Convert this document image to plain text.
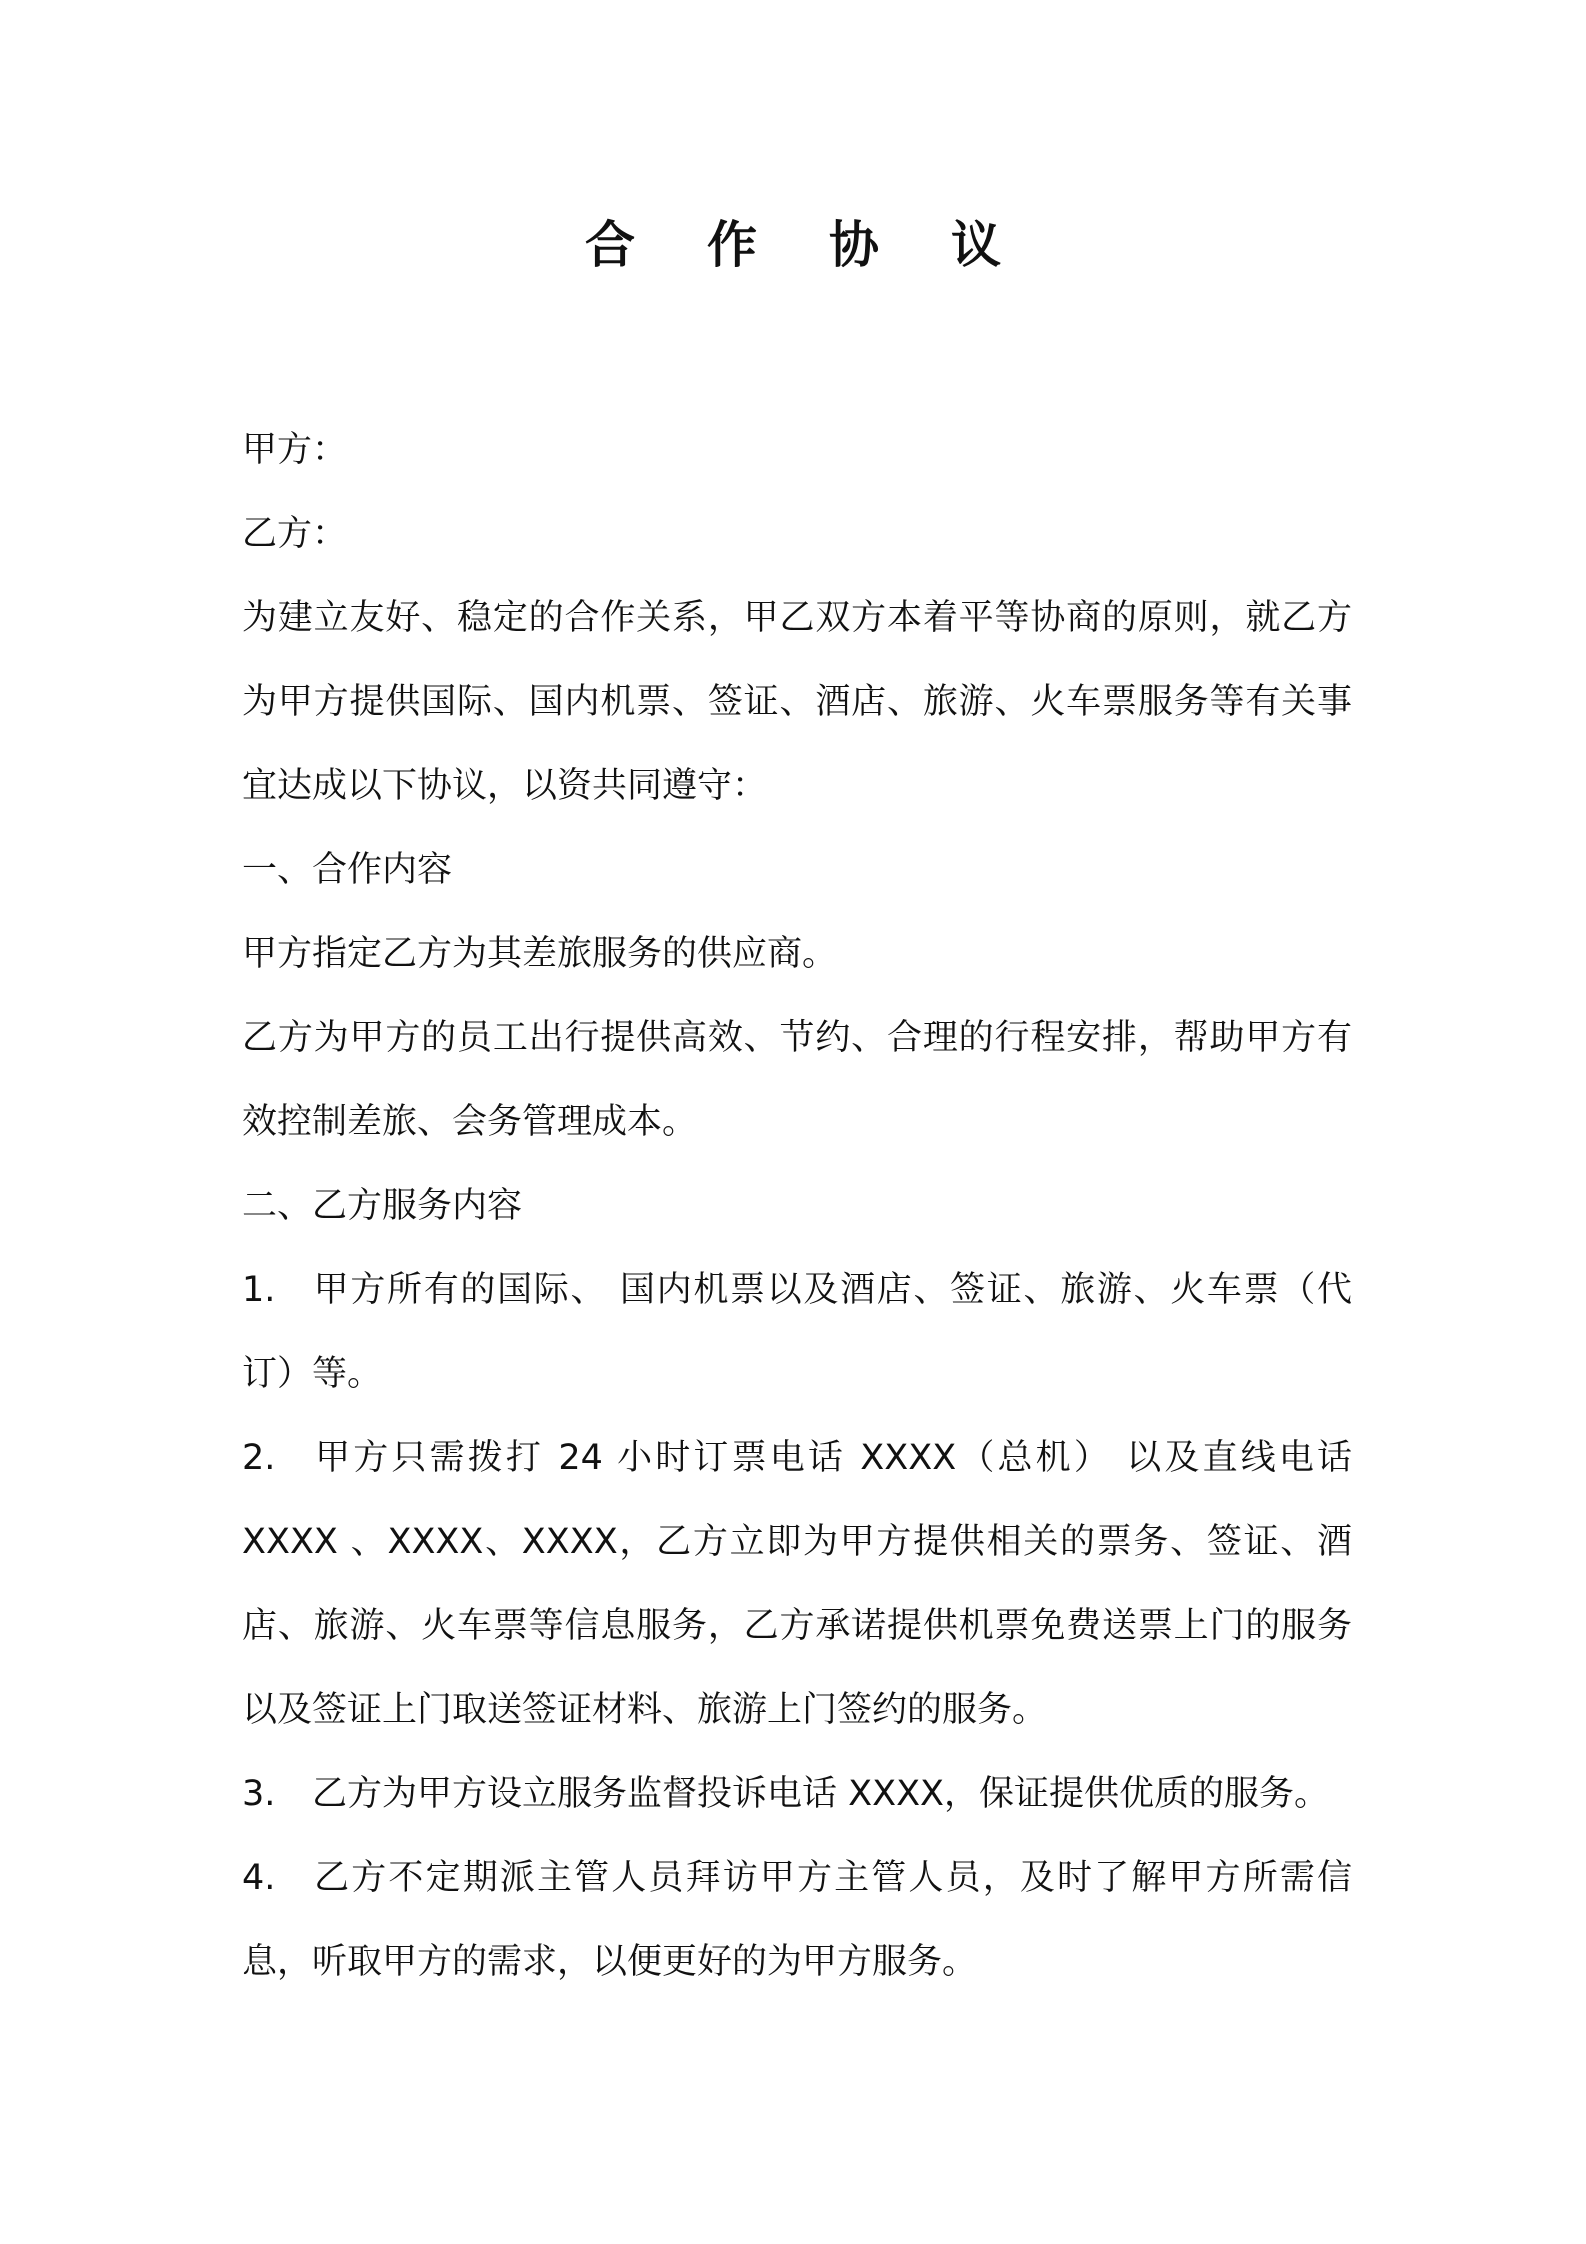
合 作 协 议

甲方：

乙方：

为建立友好、稳定的合作关系，甲乙双方本着平等协商的原则，就乙方为甲方提供国际、国内机票、签证、酒店、旅游、火车票服务等有关事宜达成以下协议，以资共同遵守：

一、合作内容

甲方指定乙方为其差旅服务的供应商。

乙方为甲方的员工出行提供高效、节约、合理的行程安排，帮助甲方有效控制差旅、会务管理成本。

二、乙方服务内容

1. 甲方所有的国际、 国内机票以及酒店、签证、旅游、火车票（代订）等。

2. 甲方只需拨打 24 小时订票电话 XXXX（总机） 以及直线电话 XXXX 、XXXX、XXXX，乙方立即为甲方提供相关的票务、签证、酒店、旅游、火车票等信息服务，乙方承诺提供机票免费送票上门的服务以及签证上门取送签证材料、旅游上门签约的服务。

3. 乙方为甲方设立服务监督投诉电话 XXXX，保证提供优质的服务。

4. 乙方不定期派主管人员拜访甲方主管人员，及时了解甲方所需信息，听取甲方的需求，以便更好的为甲方服务。
